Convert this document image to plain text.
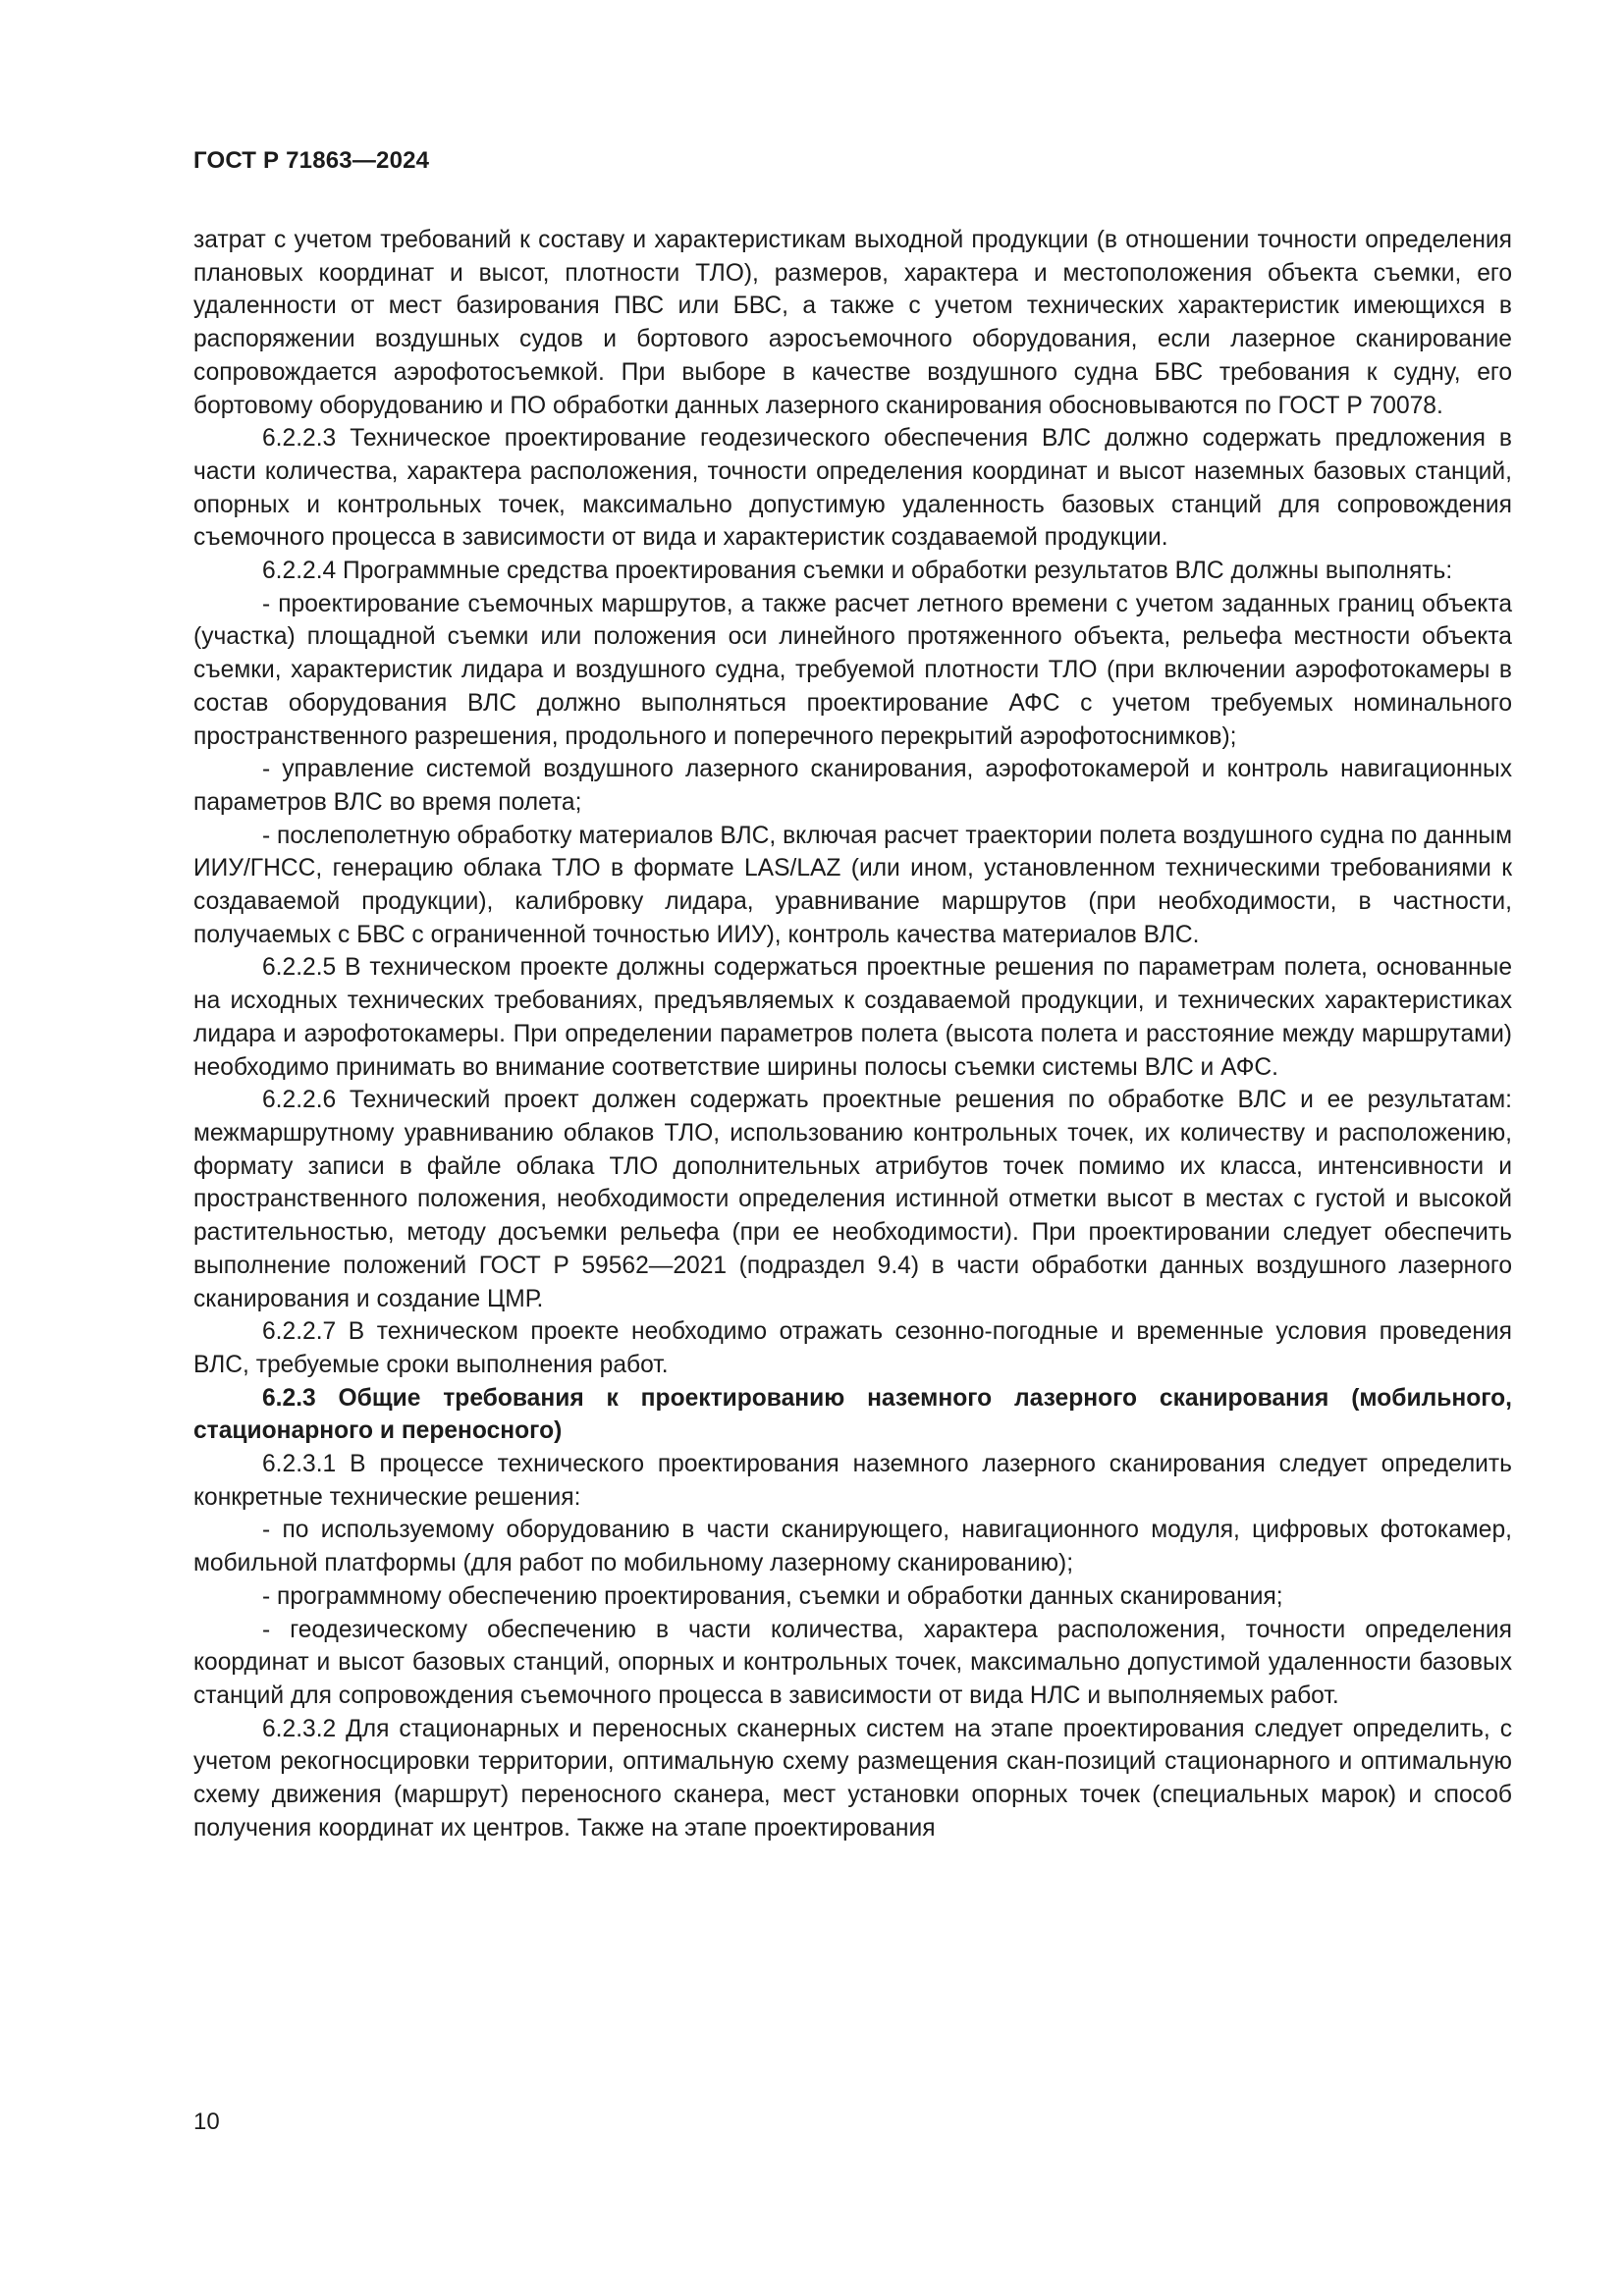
ГОСТ Р 71863—2024

затрат с учетом требований к составу и характеристикам выходной продукции (в отношении точности определения плановых координат и высот, плотности ТЛО), размеров, характера и местоположения объекта съемки, его удаленности от мест базирования ПВС или БВС, а также с учетом технических характеристик имеющихся в распоряжении воздушных судов и бортового аэросъемочного оборудования, если лазерное сканирование сопровождается аэрофотосъемкой. При выборе в качестве воздушного судна БВС требования к судну, его бортовому оборудованию и ПО обработки данных лазерного сканирования обосновываются по ГОСТ Р 70078.

6.2.2.3 Техническое проектирование геодезического обеспечения ВЛС должно содержать предложения в части количества, характера расположения, точности определения координат и высот наземных базовых станций, опорных и контрольных точек, максимально допустимую удаленность базовых станций для сопровождения съемочного процесса в зависимости от вида и характеристик создаваемой продукции.

6.2.2.4 Программные средства проектирования съемки и обработки результатов ВЛС должны выполнять:

- проектирование съемочных маршрутов, а также расчет летного времени с учетом заданных границ объекта (участка) площадной съемки или положения оси линейного протяженного объекта, рельефа местности объекта съемки, характеристик лидара и воздушного судна, требуемой плотности ТЛО (при включении аэрофотокамеры в состав оборудования ВЛС должно выполняться проектирование АФС с учетом требуемых номинального пространственного разрешения, продольного и поперечного перекрытий аэрофотоснимков);

- управление системой воздушного лазерного сканирования, аэрофотокамерой и контроль навигационных параметров ВЛС во время полета;

- послеполетную обработку материалов ВЛС, включая расчет траектории полета воздушного судна по данным ИИУ/ГНСС, генерацию облака ТЛО в формате LAS/LAZ (или ином, установленном техническими требованиями к создаваемой продукции), калибровку лидара, уравнивание маршрутов (при необходимости, в частности, получаемых с БВС с ограниченной точностью ИИУ), контроль качества материалов ВЛС.

6.2.2.5 В техническом проекте должны содержаться проектные решения по параметрам полета, основанные на исходных технических требованиях, предъявляемых к создаваемой продукции, и технических характеристиках лидара и аэрофотокамеры. При определении параметров полета (высота полета и расстояние между маршрутами) необходимо принимать во внимание соответствие ширины полосы съемки системы ВЛС и АФС.

6.2.2.6 Технический проект должен содержать проектные решения по обработке ВЛС и ее результатам: межмаршрутному уравниванию облаков ТЛО, использованию контрольных точек, их количеству и расположению, формату записи в файле облака ТЛО дополнительных атрибутов точек помимо их класса, интенсивности и пространственного положения, необходимости определения истинной отметки высот в местах с густой и высокой растительностью, методу досъемки рельефа (при ее необходимости). При проектировании следует обеспечить выполнение положений ГОСТ Р 59562—2021 (подраздел 9.4) в части обработки данных воздушного лазерного сканирования и создание ЦМР.

6.2.2.7 В техническом проекте необходимо отражать сезонно-погодные и временные условия проведения ВЛС, требуемые сроки выполнения работ.

6.2.3 Общие требования к проектированию наземного лазерного сканирования (мобильного, стационарного и переносного)

6.2.3.1 В процессе технического проектирования наземного лазерного сканирования следует определить конкретные технические решения:

- по используемому оборудованию в части сканирующего, навигационного модуля, цифровых фотокамер, мобильной платформы (для работ по мобильному лазерному сканированию);

- программному обеспечению проектирования, съемки и обработки данных сканирования;

- геодезическому обеспечению в части количества, характера расположения, точности определения координат и высот базовых станций, опорных и контрольных точек, максимально допустимой удаленности базовых станций для сопровождения съемочного процесса в зависимости от вида НЛС и выполняемых работ.

6.2.3.2 Для стационарных и переносных сканерных систем на этапе проектирования следует определить, с учетом рекогносцировки территории, оптимальную схему размещения скан-позиций стационарного и оптимальную схему движения (маршрут) переносного сканера, мест установки опорных точек (специальных марок) и способ получения координат их центров. Также на этапе проектирования

10
